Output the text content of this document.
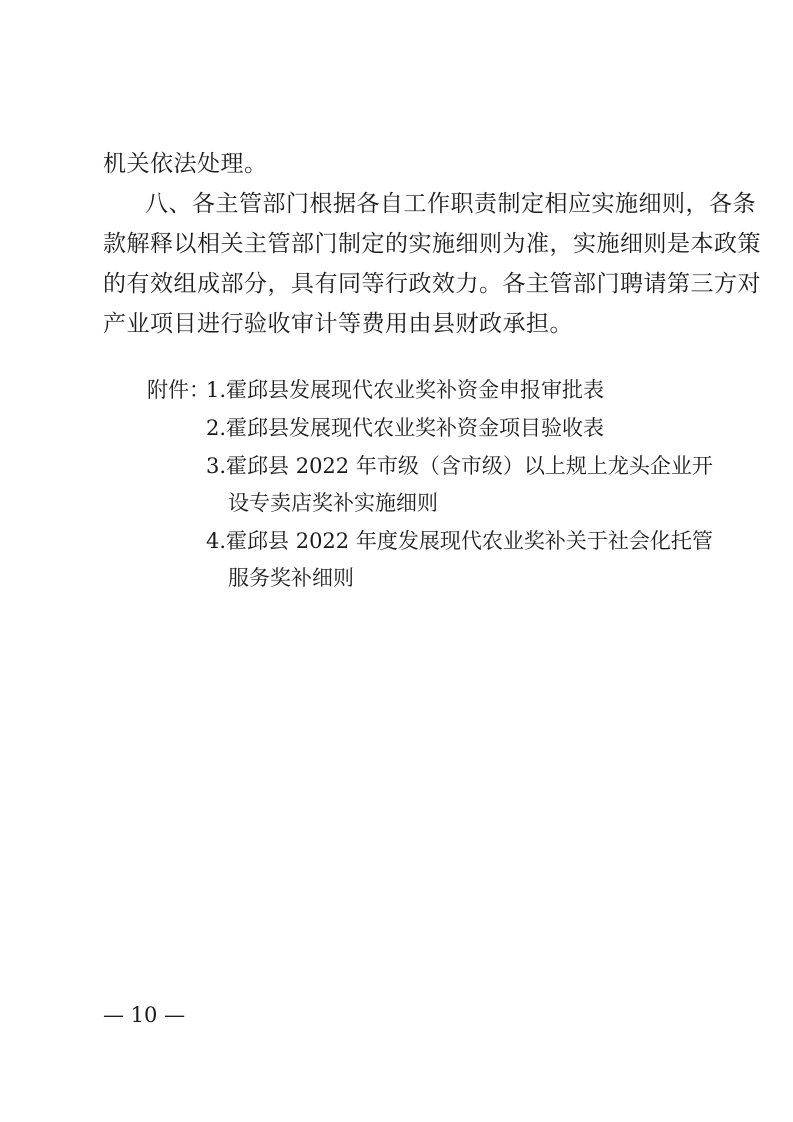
机关依法处理。
八、各主管部门根据各自工作职责制定相应实施细则，各条
款解释以相关主管部门制定的实施细则为准，实施细则是本政策
的有效组成部分，具有同等行政效力。各主管部门聘请第三方对
产业项目进行验收审计等费用由县财政承担。
附件：
1.霍邱县发展现代农业奖补资金申报审批表
2.霍邱县发展现代农业奖补资金项目验收表
3.霍邱县 2022 年市级（含市级）以上规上龙头企业开
设专卖店奖补实施细则
4.霍邱县 2022 年度发展现代农业奖补关于社会化托管
服务奖补细则
— 10 —
